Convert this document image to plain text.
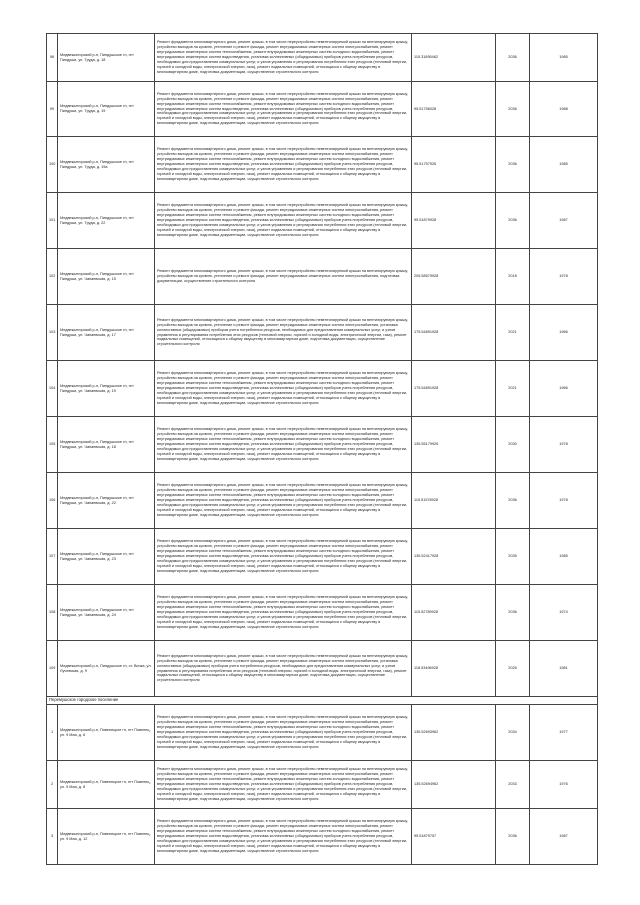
98	Медвежьегорский р-н, Пиндушское гп, пгт Пиндуши, ул. Труда, д. 18	Ремонт фундамента многоквартирного дома, ремонт крыши, в том числе переустройство невентилируемой крыши на вентилируемую крышу, устройство выходов на кровлю, утепление и ремонт фасада, ремонт внутридомовых инженерных систем электроснабжения, ремонт внутридомовых инженерных систем теплоснабжения, ремонт внутридомовых инженерных систем холодного водоснабжения, ремонт внутридомовых инженерных систем водоотведения, установка коллективных (общедомовых) приборов учета потребления ресурсов, необходимых для предоставления коммунальных услуг, и узлов управления и регулирования потребления этих ресурсов (тепловой энергии, горячей и холодной воды, электрической энергии, газа), ремонт подвальных помещений, относящихся к общему имуществу в многоквартирном доме, подготовка документации, осуществление строительного контроля	115.31895462	2036	1985
99	Медвежьегорский р-н, Пиндушское гп, пгт Пиндуши, ул. Труда, д. 19	Ремонт фундамента многоквартирного дома, ремонт крыши, в том числе переустройство невентилируемой крыши на вентилируемую крышу, устройство выходов на кровлю, утепление и ремонт фасада, ремонт внутридомовых инженерных систем электроснабжения, ремонт внутридомовых инженерных систем теплоснабжения, ремонт внутридомовых инженерных систем холодного водоснабжения, ремонт внутридомовых инженерных систем водоотведения, установка коллективных (общедомовых) приборов учета потребления ресурсов, необходимых для предоставления коммунальных услуг, и узлов управления и регулирования потребления этих ресурсов (тепловой энергии, горячей и холодной воды, электрической энергии, газа), ремонт подвальных помещений, относящихся к общему имуществу в многоквартирном доме, подготовка документации, осуществление строительного контроля	95.51756028	2036	1988
100	Медвежьегорский р-н, Пиндушское гп, пгт Пиндуши, ул. Труда, д. 19а	Ремонт фундамента многоквартирного дома, ремонт крыши, в том числе переустройство невентилируемой крыши на вентилируемую крышу, устройство выходов на кровлю, утепление и ремонт фасада, ремонт внутридомовых инженерных систем электроснабжения, ремонт внутридомовых инженерных систем теплоснабжения, ремонт внутридомовых инженерных систем холодного водоснабжения, ремонт внутридомовых инженерных систем водоотведения, установка коллективных (общедомовых) приборов учета потребления ресурсов, необходимых для предоставления коммунальных услуг, и узлов управления и регулирования потребления этих ресурсов (тепловой энергии, горячей и холодной воды, электрической энергии, газа), ремонт подвальных помещений, относящихся к общему имуществу в многоквартирном доме, подготовка документации, осуществление строительного контроля	95.51757926	2036	1985
101	Медвежьегорский р-н, Пиндушское гп, пгт Пиндуши, ул. Труда, д. 22	Ремонт фундамента многоквартирного дома, ремонт крыши, в том числе переустройство невентилируемой крыши на вентилируемую крышу, устройство выходов на кровлю, утепление и ремонт фасада, ремонт внутридомовых инженерных систем электроснабжения, ремонт внутридомовых инженерных систем теплоснабжения, ремонт внутридомовых инженерных систем холодного водоснабжения, ремонт внутридомовых инженерных систем водоотведения, установка коллективных (общедомовых) приборов учета потребления ресурсов, необходимых для предоставления коммунальных услуг, и узлов управления и регулирования потребления этих ресурсов (тепловой энергии, горячей и холодной воды, электрической энергии, газа), ремонт подвальных помещений, относящихся к общему имуществу в многоквартирном доме, подготовка документации, осуществление строительного контроля	95.51879928	2036	1987
102	Медвежьегорский р-н, Пиндушское гп, пгт Пиндуши, ул. Чапаевская, д. 15	Ремонт фундамента многоквартирного дома, ремонт крыши, в том числе переустройство невентилируемой крыши на вентилируемую крышу, устройство выходов на кровлю, утепление и ремонт фасада, ремонт внутридомовых инженерных систем электроснабжения, подготовка документации, осуществление строительного контроля	205.58579928	2018	1978
103	Медвежьегорский р-н, Пиндушское гп, пгт Пиндуши, ул. Чапаевская, д. 17	Ремонт фундамента многоквартирного дома, ремонт крыши, в том числе переустройство невентилируемой крыши на вентилируемую крышу, устройство выходов на кровлю, утепление и ремонт фасада, ремонт внутридомовых инженерных систем электроснабжения, установка коллективных (общедомовых) приборов учета потребления ресурсов, необходимых для предоставления коммунальных услуг, и узлов управления и регулирования потребления этих ресурсов (тепловой энергии, горячей и холодной воды, электрической энергии, газа), ремонт подвальных помещений, относящихся к общему имуществу в многоквартирном доме, подготовка документации, осуществление строительного контроля	175.54891928	2021	1966
104	Медвежьегорский р-н, Пиндушское гп, пгт Пиндуши, ул. Чапаевская, д. 19	Ремонт фундамента многоквартирного дома, ремонт крыши, в том числе переустройство невентилируемой крыши на вентилируемую крышу, устройство выходов на кровлю, утепление и ремонт фасада, ремонт внутридомовых инженерных систем электроснабжения, ремонт внутридомовых инженерных систем теплоснабжения, ремонт внутридомовых инженерных систем холодного водоснабжения, ремонт внутридомовых инженерных систем водоотведения, установка коллективных (общедомовых) приборов учета потребления ресурсов, необходимых для предоставления коммунальных услуг, и узлов управления и регулирования потребления этих ресурсов (тепловой энергии, горячей и холодной воды, электрической энергии, газа), ремонт подвальных помещений, относящихся к общему имуществу в многоквартирном доме, подготовка документации, осуществление строительного контроля	175.54891928	2021	1966
105	Медвежьегорский р-н, Пиндушское гп, пгт Пиндуши, ул. Чапаевская, д. 18	Ремонт фундамента многоквартирного дома, ремонт крыши, в том числе переустройство невентилируемой крыши на вентилируемую крышу, устройство выходов на кровлю, утепление и ремонт фасада, ремонт внутридомовых инженерных систем электроснабжения, ремонт внутридомовых инженерных систем теплоснабжения, ремонт внутридомовых инженерных систем холодного водоснабжения, ремонт внутридомовых инженерных систем водоотведения, установка коллективных (общедомовых) приборов учета потребления ресурсов, необходимых для предоставления коммунальных услуг, и узлов управления и регулирования потребления этих ресурсов (тепловой энергии, горячей и холодной воды, электрической энергии, газа), ремонт подвальных помещений, относящихся к общему имуществу в многоквартирном доме, подготовка документации, осуществление строительного контроля	135.55179926	2030	1978
106	Медвежьегорский р-н, Пиндушское гп, пгт Пиндуши, ул. Чапаевская, д. 22	Ремонт фундамента многоквартирного дома, ремонт крыши, в том числе переустройство невентилируемой крыши на вентилируемую крышу, устройство выходов на кровлю, утепление и ремонт фасада, ремонт внутридомовых инженерных систем электроснабжения, ремонт внутридомовых инженерных систем теплоснабжения, ремонт внутридомовых инженерных систем холодного водоснабжения, ремонт внутридомовых инженерных систем водоотведения, установка коллективных (общедомовых) приборов учета потребления ресурсов, необходимых для предоставления коммунальных услуг, и узлов управления и регулирования потребления этих ресурсов (тепловой энергии, горячей и холодной воды, электрической энергии, газа), ремонт подвальных помещений, относящихся к общему имуществу в многоквартирном доме, подготовка документации, осуществление строительного контроля	115.51578928	2036	1978
107	Медвежьегорский р-н, Пиндушское гп, пгт Пиндуши, ул. Чапаевская, д. 23	Ремонт фундамента многоквартирного дома, ремонт крыши, в том числе переустройство невентилируемой крыши на вентилируемую крышу, устройство выходов на кровлю, утепление и ремонт фасада, ремонт внутридомовых инженерных систем электроснабжения, ремонт внутридомовых инженерных систем теплоснабжения, ремонт внутридомовых инженерных систем холодного водоснабжения, ремонт внутридомовых инженерных систем водоотведения, установка коллективных (общедомовых) приборов учета потребления ресурсов, необходимых для предоставления коммунальных услуг, и узлов управления и регулирования потребления этих ресурсов (тепловой энергии, горячей и холодной воды, электрической энергии, газа), ремонт подвальных помещений, относящихся к общему имуществу в многоквартирном доме, подготовка документации, осуществление строительного контроля	135.52417928	2035	1985
108	Медвежьегорский р-н, Пиндушское гп, пгт Пиндуши, ул. Чапаевская, д. 24	Ремонт фундамента многоквартирного дома, ремонт крыши, в том числе переустройство невентилируемой крыши на вентилируемую крышу, устройство выходов на кровлю, утепление и ремонт фасада, ремонт внутридомовых инженерных систем электроснабжения, ремонт внутридомовых инженерных систем теплоснабжения, ремонт внутридомовых инженерных систем холодного водоснабжения, ремонт внутридомовых инженерных систем водоотведения, установка коллективных (общедомовых) приборов учета потребления ресурсов, необходимых для предоставления коммунальных услуг, и узлов управления и регулирования потребления этих ресурсов (тепловой энергии, горячей и холодной воды, электрической энергии, газа), ремонт подвальных помещений, относящихся к общему имуществу в многоквартирном доме, подготовка документации, осуществление строительного контроля	115.52789928	2036	1974
109	Медвежьегорский р-н, Пиндушское гп, ст. Вичка, ул. Лучевская, д. 9	Ремонт фундамента многоквартирного дома, ремонт крыши, в том числе переустройство невентилируемой крыши на вентилируемую крышу, устройство выходов на кровлю, утепление и ремонт фасада, ремонт внутридомовых инженерных систем электроснабжения, установка коллективных (общедомовых) приборов учета потребления ресурсов, необходимых для предоставления коммунальных услуг, и узлов управления и регулирования потребления этих ресурсов (тепловой энергии, горячей и холодной воды, электрической энергии, газа), ремонт подвальных помещений, относящихся к общему имуществу в многоквартирном доме, подготовка документации, осуществление строительного контроля	118.53496928	2026	1981
Перемушское городское поселение					
1	Медвежьегорский р-н, Повенецкое гп, пгт Повенец, ул. 9 Мая, д. 6	Ремонт фундамента многоквартирного дома, ремонт крыши, в том числе переустройство невентилируемой крыши на вентилируемую крышу, устройство выходов на кровлю, утепление и ремонт фасада, ремонт внутридомовых инженерных систем электроснабжения, ремонт внутридомовых инженерных систем теплоснабжения, ремонт внутридомовых инженерных систем холодного водоснабжения, ремонт внутридомовых инженерных систем водоотведения, установка коллективных (общедомовых) приборов учета потребления ресурсов, необходимых для предоставления коммунальных услуг, и узлов управления и регулирования потребления этих ресурсов (тепловой энергии, горячей и холодной воды, электрической энергии, газа), ремонт подвальных помещений, относящихся к общему имуществу в многоквартирном доме, подготовка документации, осуществление строительного контроля	135.52693962	2034	1977
2	Медвежьегорский р-н, Повенецкое гп, пгт Повенец, ул. 9 Мая, д. 8	Ремонт фундамента многоквартирного дома, ремонт крыши, в том числе переустройство невентилируемой крыши на вентилируемую крышу, устройство выходов на кровлю, утепление и ремонт фасада, ремонт внутридомовых инженерных систем электроснабжения, ремонт внутридомовых инженерных систем теплоснабжения, ремонт внутридомовых инженерных систем холодного водоснабжения, ремонт внутридомовых инженерных систем водоотведения, установка коллективных (общедомовых) приборов учета потребления ресурсов, необходимых для предоставления коммунальных услуг, и узлов управления и регулирования потребления этих ресурсов (тепловой энергии, горячей и холодной воды, электрической энергии, газа), ремонт подвальных помещений, относящихся к общему имуществу в многоквартирном доме, подготовка документации, осуществление строительного контроля	135.52694962	2033	1976
3	Медвежьегорский р-н, Повенецкое гп, пгт Повенец, ул. 9 Мая, д. 12	Ремонт фундамента многоквартирного дома, ремонт крыши, в том числе переустройство невентилируемой крыши на вентилируемую крышу, устройство выходов на кровлю, утепление и ремонт фасада, ремонт внутридомовых инженерных систем электроснабжения, ремонт внутридомовых инженерных систем теплоснабжения, ремонт внутридомовых инженерных систем холодного водоснабжения, ремонт внутридомовых инженерных систем водоотведения, установка коллективных (общедомовых) приборов учета потребления ресурсов, необходимых для предоставления коммунальных услуг, и узлов управления и регулирования потребления этих ресурсов (тепловой энергии, горячей и холодной воды, электрической энергии, газа), ремонт подвальных помещений, относящихся к общему имуществу в многоквартирном доме, подготовка документации, осуществление строительного контроля	95.51879757	2036	1987
